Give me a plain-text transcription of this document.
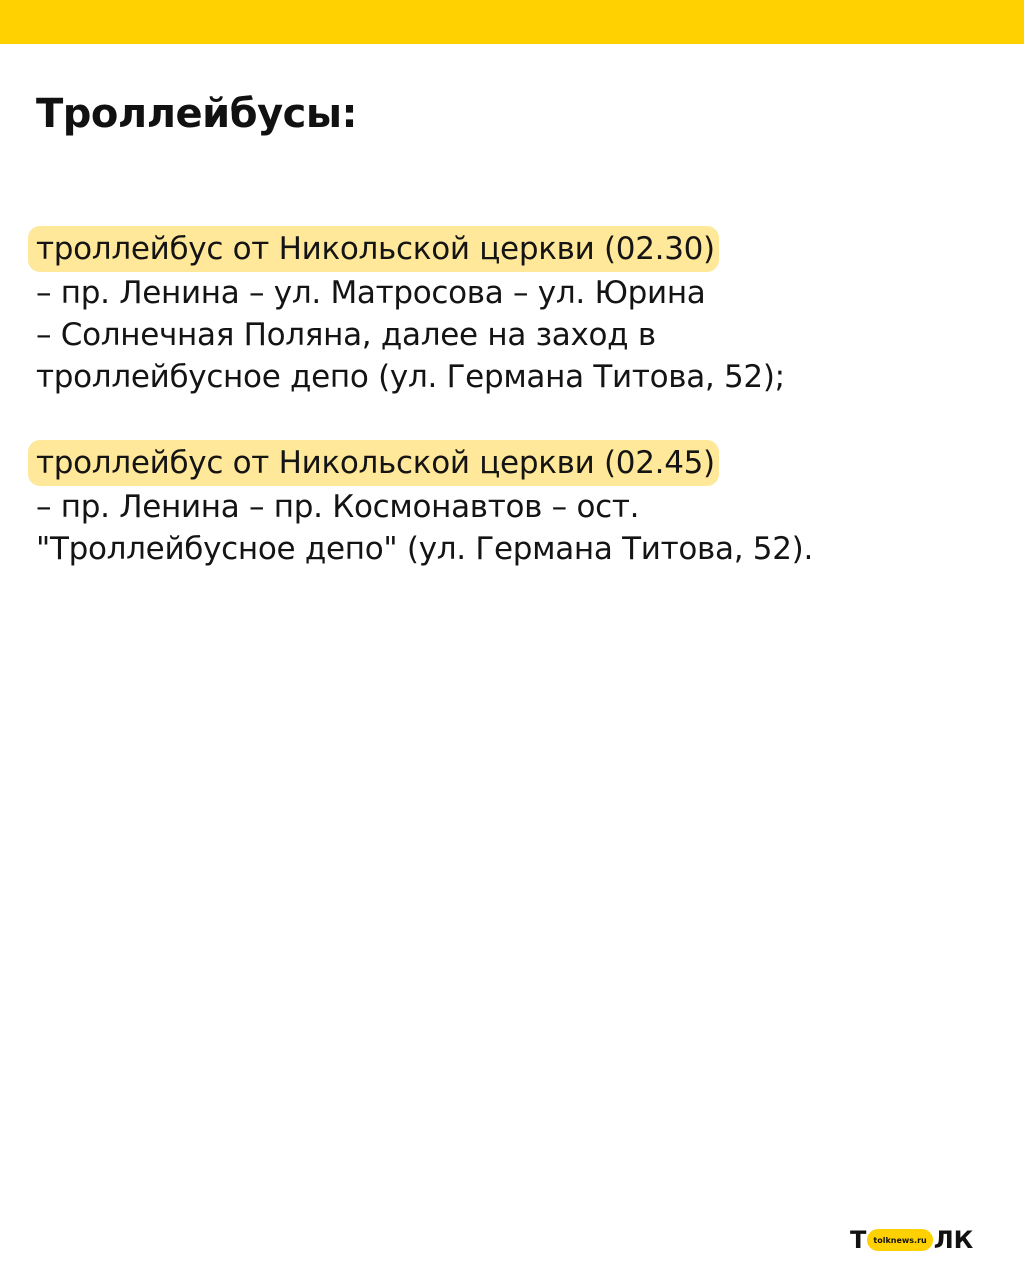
Троллейбусы:
троллейбус от Никольской церкви (02.30)
– пр. Ленина – ул. Матросова – ул. Юрина
– Солнечная Поляна, далее на заход в
троллейбусное депо (ул. Германа Титова, 52);
троллейбус от Никольской церкви (02.45)
– пр. Ленина – пр. Космонавтов – ост.
"Троллейбусное депо" (ул. Германа Титова, 52).
Т tolknews.ru ЛК
